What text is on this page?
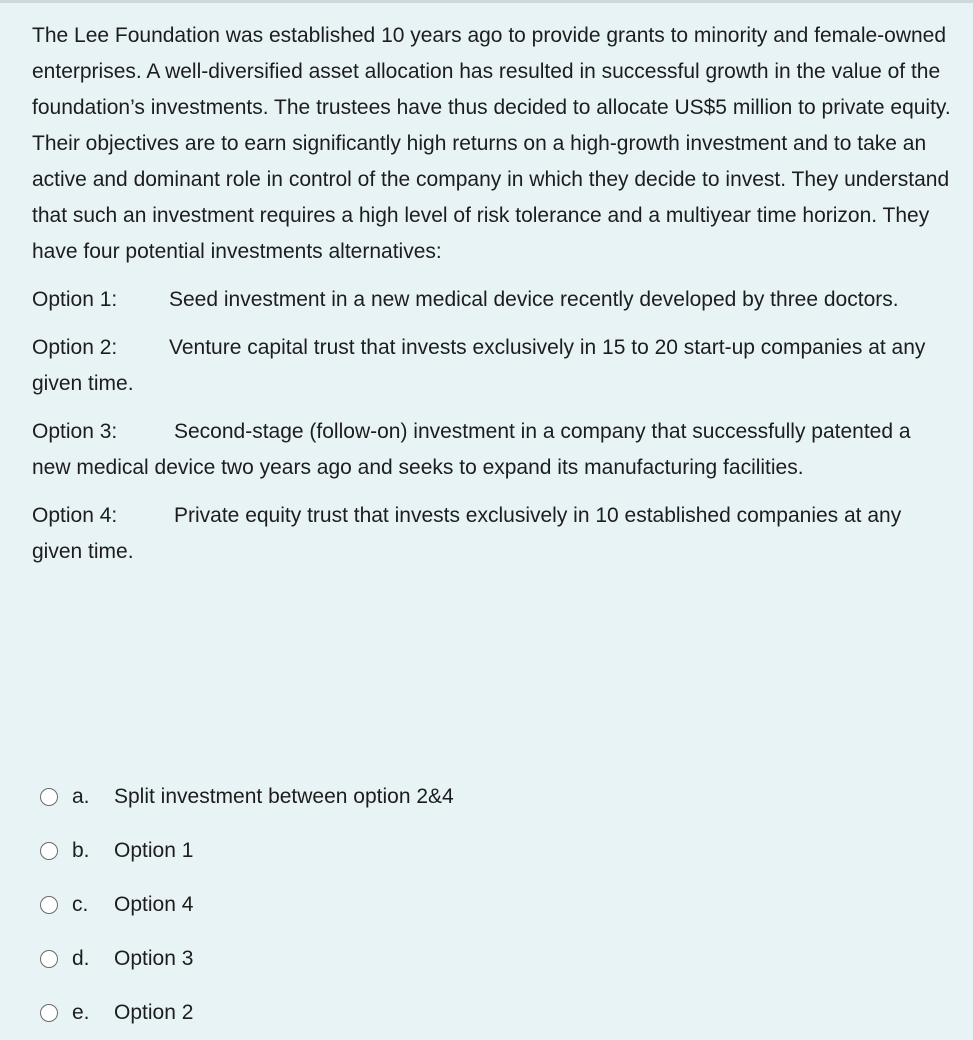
The Lee Foundation was established 10 years ago to provide grants to minority and female-owned enterprises. A well-diversified asset allocation has resulted in successful growth in the value of the foundation’s investments. The trustees have thus decided to allocate US$5 million to private equity. Their objectives are to earn significantly high returns on a high-growth investment and to take an active and dominant role in control of the company in which they decide to invest. They understand that such an investment requires a high level of risk tolerance and a multiyear time horizon. They have four potential investments alternatives:

Option 1: Seed investment in a new medical device recently developed by three doctors.
Option 2: Venture capital trust that invests exclusively in 15 to 20 start-up companies at any given time.
Option 3:	Second-stage (follow-on) investment in a company that successfully patented a new medical device two years ago and seeks to expand its manufacturing facilities.
Option 4:	Private equity trust that invests exclusively in 10 established companies at any given time.
a.	Split investment between option 2&4
b.	Option 1
c.	Option 4
d.	Option 3
e.	Option 2
